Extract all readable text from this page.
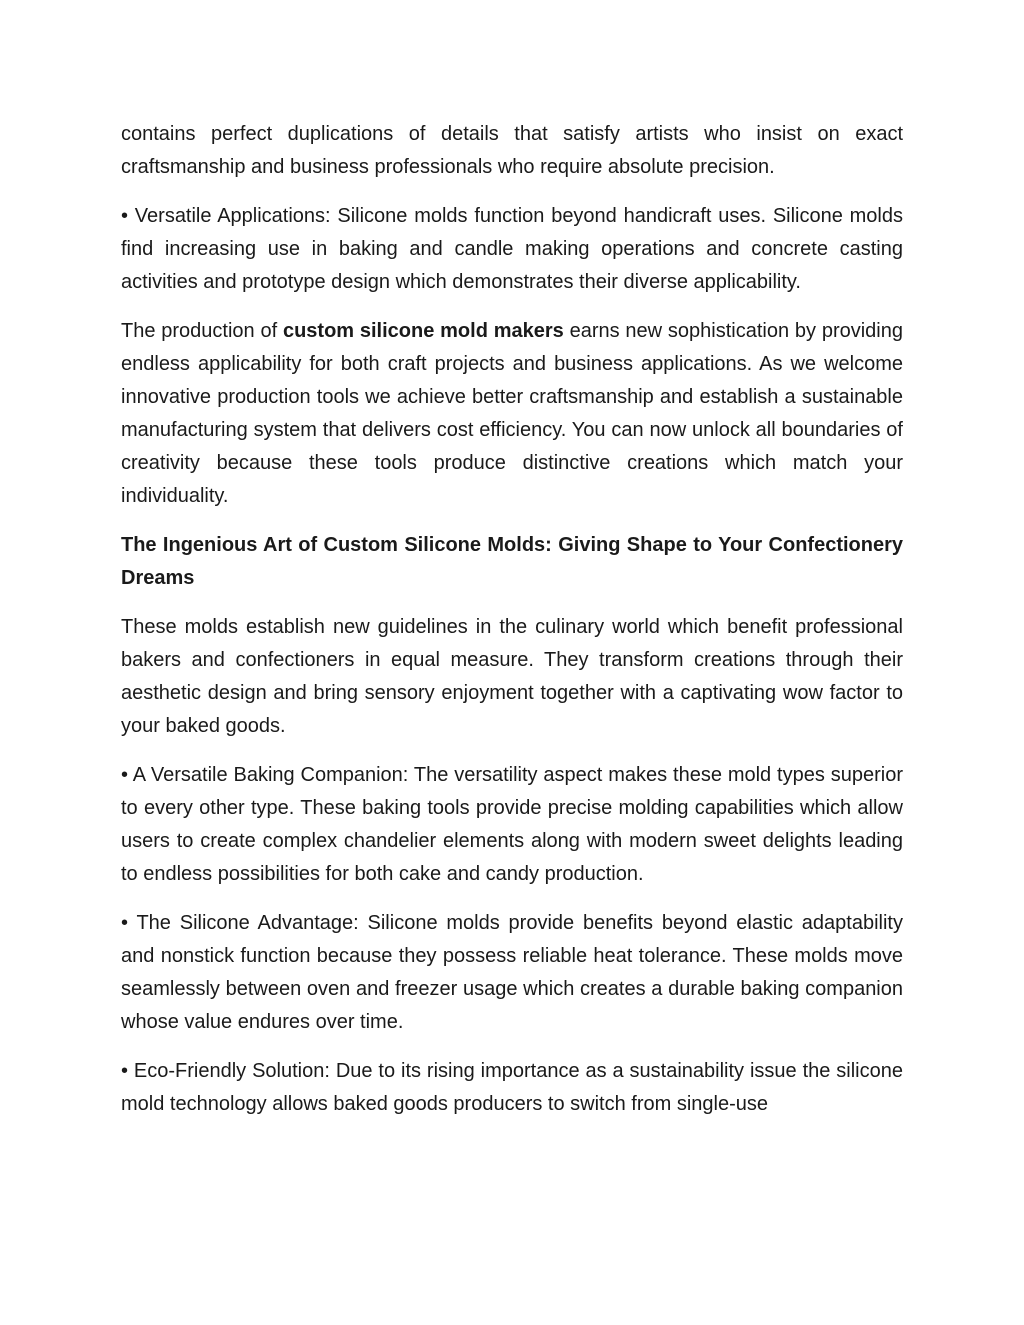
contains perfect duplications of details that satisfy artists who insist on exact craftsmanship and business professionals who require absolute precision.

• Versatile Applications: Silicone molds function beyond handicraft uses. Silicone molds find increasing use in baking and candle making operations and concrete casting activities and prototype design which demonstrates their diverse applicability.

The production of custom silicone mold makers earns new sophistication by providing endless applicability for both craft projects and business applications. As we welcome innovative production tools we achieve better craftsmanship and establish a sustainable manufacturing system that delivers cost efficiency. You can now unlock all boundaries of creativity because these tools produce distinctive creations which match your individuality.

The Ingenious Art of Custom Silicone Molds: Giving Shape to Your Confectionery Dreams

These molds establish new guidelines in the culinary world which benefit professional bakers and confectioners in equal measure. They transform creations through their aesthetic design and bring sensory enjoyment together with a captivating wow factor to your baked goods.

• A Versatile Baking Companion: The versatility aspect makes these mold types superior to every other type. These baking tools provide precise molding capabilities which allow users to create complex chandelier elements along with modern sweet delights leading to endless possibilities for both cake and candy production.

• The Silicone Advantage: Silicone molds provide benefits beyond elastic adaptability and nonstick function because they possess reliable heat tolerance. These molds move seamlessly between oven and freezer usage which creates a durable baking companion whose value endures over time.

• Eco-Friendly Solution: Due to its rising importance as a sustainability issue the silicone mold technology allows baked goods producers to switch from single-use
